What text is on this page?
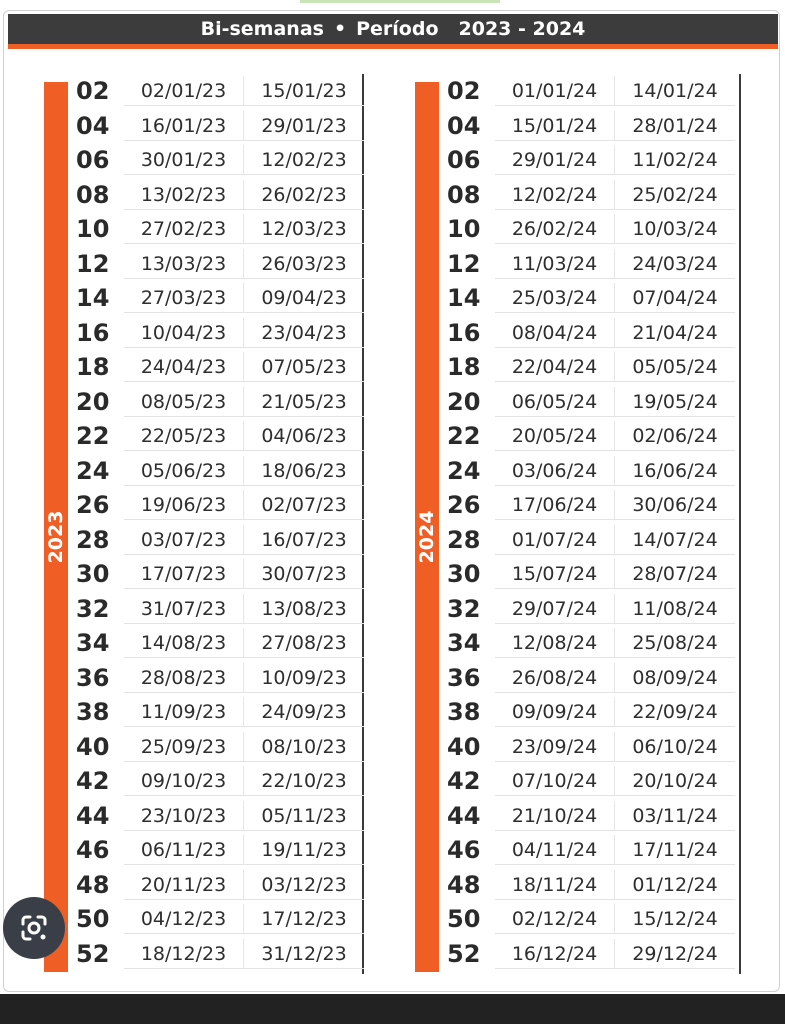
Bi-semanas • Período 2023 - 2024
2023	2024
02	02/01/23	15/01/23
04	16/01/23	29/01/23
06	30/01/23	12/02/23
08	13/02/23	26/02/23
10	27/02/23	12/03/23
12	13/03/23	26/03/23
14	27/03/23	09/04/23
16	10/04/23	23/04/23
18	24/04/23	07/05/23
20	08/05/23	21/05/23
22	22/05/23	04/06/23
24	05/06/23	18/06/23
26	19/06/23	02/07/23
28	03/07/23	16/07/23
30	17/07/23	30/07/23
32	31/07/23	13/08/23
34	14/08/23	27/08/23
36	28/08/23	10/09/23
38	11/09/23	24/09/23
40	25/09/23	08/10/23
42	09/10/23	22/10/23
44	23/10/23	05/11/23
46	06/11/23	19/11/23
48	20/11/23	03/12/23
50	04/12/23	17/12/23
52	18/12/23	31/12/23
02	01/01/24	14/01/24
04	15/01/24	28/01/24
06	29/01/24	11/02/24
08	12/02/24	25/02/24
10	26/02/24	10/03/24
12	11/03/24	24/03/24
14	25/03/24	07/04/24
16	08/04/24	21/04/24
18	22/04/24	05/05/24
20	06/05/24	19/05/24
22	20/05/24	02/06/24
24	03/06/24	16/06/24
26	17/06/24	30/06/24
28	01/07/24	14/07/24
30	15/07/24	28/07/24
32	29/07/24	11/08/24
34	12/08/24	25/08/24
36	26/08/24	08/09/24
38	09/09/24	22/09/24
40	23/09/24	06/10/24
42	07/10/24	20/10/24
44	21/10/24	03/11/24
46	04/11/24	17/11/24
48	18/11/24	01/12/24
50	02/12/24	15/12/24
52	16/12/24	29/12/24
